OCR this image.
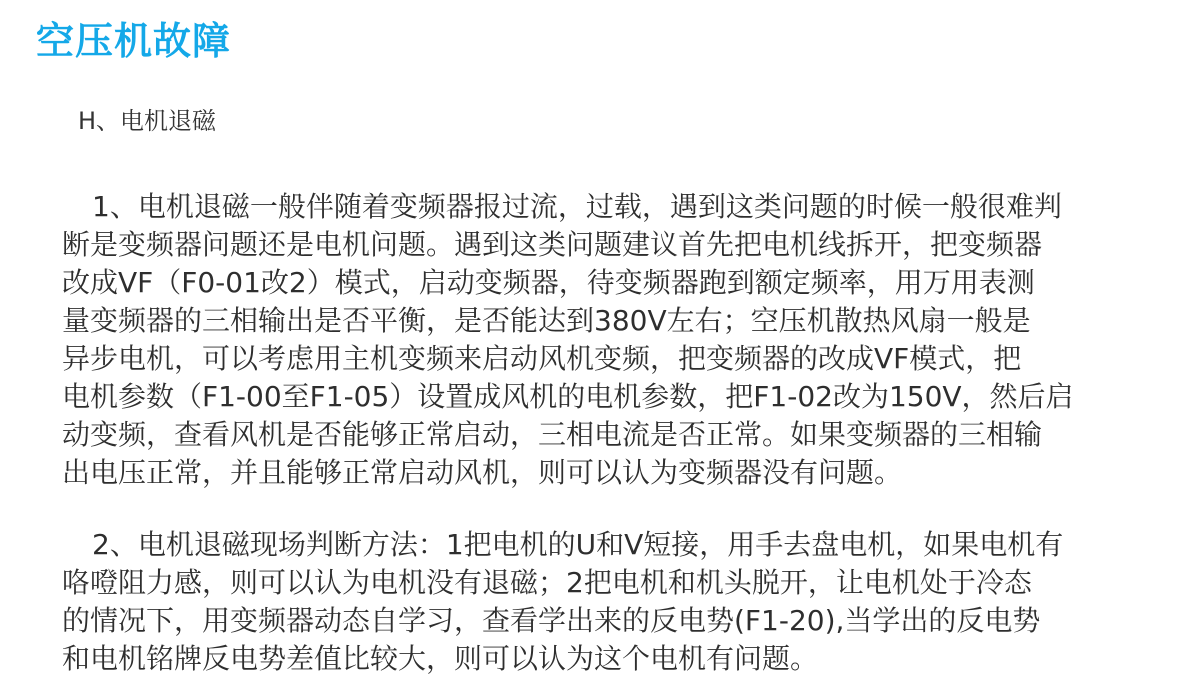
空压机故障
H、电机退磁
1、电机退磁一般伴随着变频器报过流，过载，遇到这类问题的时候一般很难判
断是变频器问题还是电机问题。遇到这类问题建议首先把电机线拆开，把变频器
改成VF（F0-01改2）模式，启动变频器，待变频器跑到额定频率，用万用表测
量变频器的三相输出是否平衡，是否能达到380V左右；空压机散热风扇一般是
异步电机，可以考虑用主机变频来启动风机变频，把变频器的改成VF模式，把
电机参数（F1-00至F1-05）设置成风机的电机参数，把F1-02改为150V，然后启
动变频，查看风机是否能够正常启动，三相电流是否正常。如果变频器的三相输
出电压正常，并且能够正常启动风机，则可以认为变频器没有问题。
2、电机退磁现场判断方法：1把电机的U和V短接，用手去盘电机，如果电机有
咯噔阻力感，则可以认为电机没有退磁；2把电机和机头脱开，让电机处于冷态
的情况下，用变频器动态自学习，查看学出来的反电势(F1-20),当学出的反电势
和电机铭牌反电势差值比较大，则可以认为这个电机有问题。
